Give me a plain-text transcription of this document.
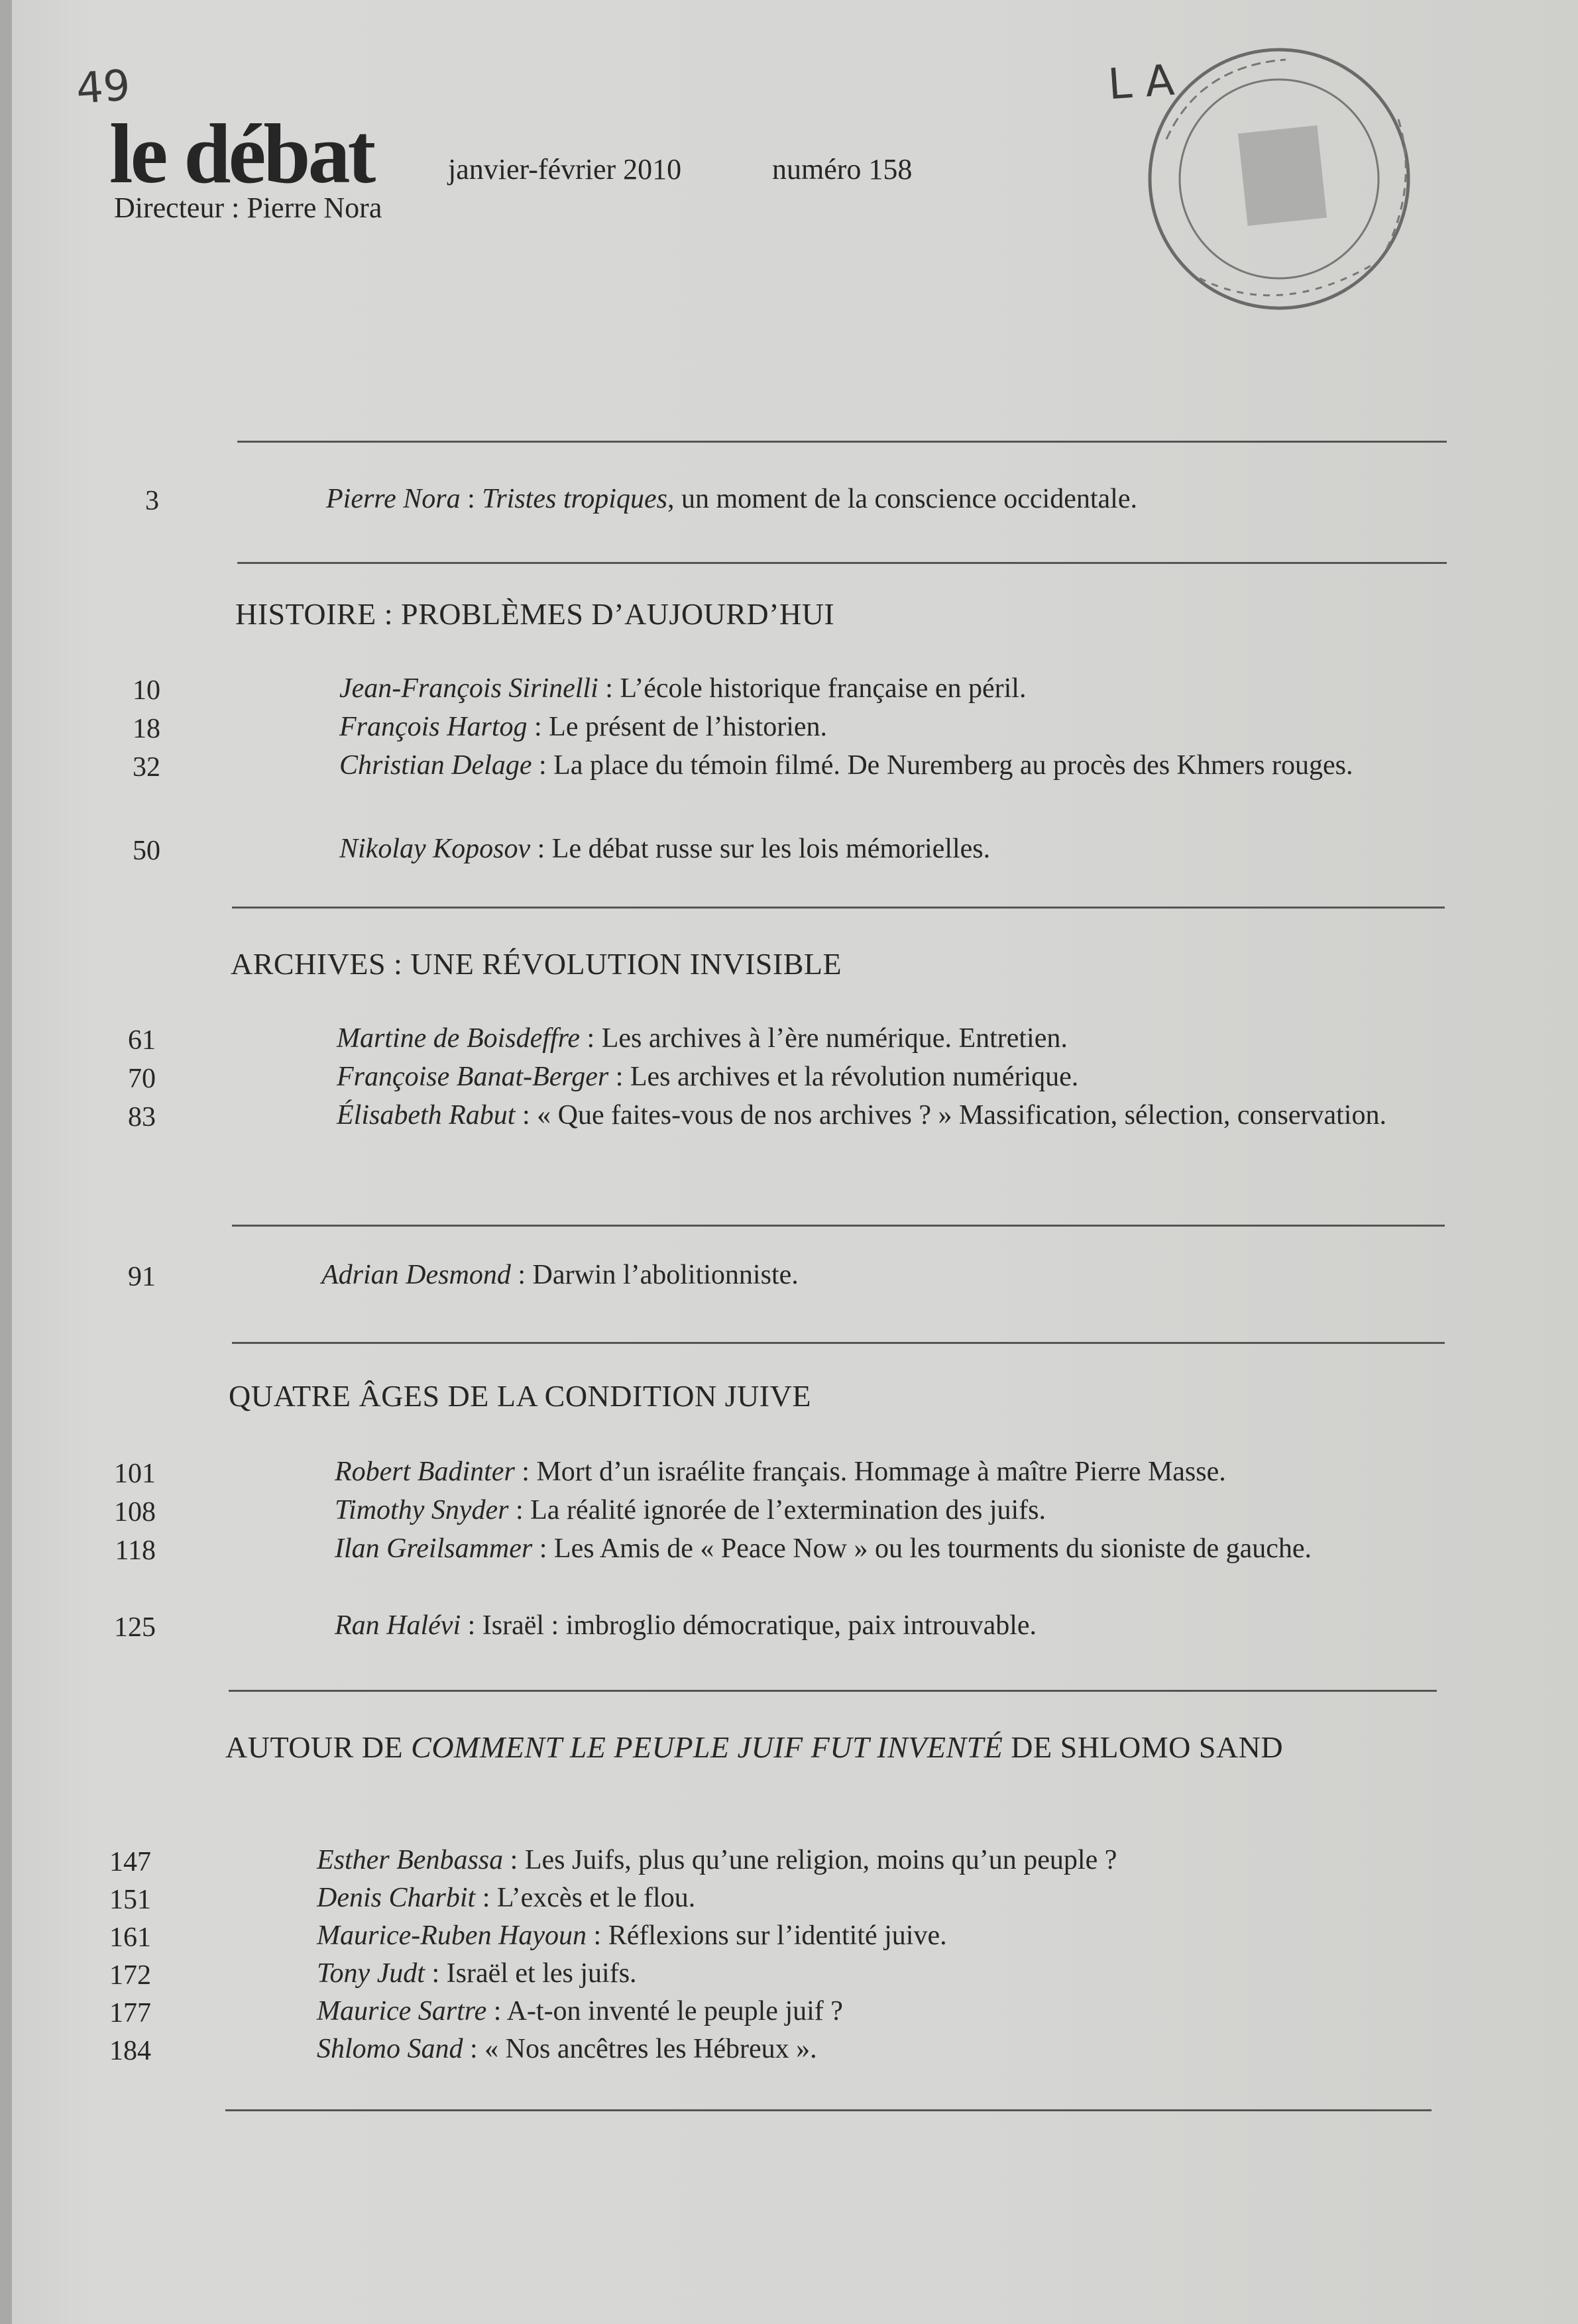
49	L A
le débat	janvier-février 2010	numéro 158
Directeur : Pierre Nora
3	Pierre Nora : Tristes tropiques, un moment de la conscience occidentale.
HISTOIRE : PROBLÈMES D’AUJOURD’HUI
10	Jean-François Sirinelli : L’école historique française en péril.
18	François Hartog : Le présent de l’historien.
32	Christian Delage : La place du témoin filmé. De Nuremberg au procès des Khmers rouges.
50	Nikolay Koposov : Le débat russe sur les lois mémorielles.
ARCHIVES : UNE RÉVOLUTION INVISIBLE
61	Martine de Boisdeffre : Les archives à l’ère numérique. Entretien.
70	Françoise Banat-Berger : Les archives et la révolution numérique.
83	Élisabeth Rabut : « Que faites-vous de nos archives ? » Massification, sélection, conservation.
91	Adrian Desmond : Darwin l’abolitionniste.
QUATRE ÂGES DE LA CONDITION JUIVE
101	Robert Badinter : Mort d’un israélite français. Hommage à maître Pierre Masse.
108	Timothy Snyder : La réalité ignorée de l’extermination des juifs.
118	Ilan Greilsammer : Les Amis de « Peace Now » ou les tourments du sioniste de gauche.
125	Ran Halévi : Israël : imbroglio démocratique, paix introuvable.
AUTOUR DE COMMENT LE PEUPLE JUIF FUT INVENTÉ DE SHLOMO SAND
147	Esther Benbassa : Les Juifs, plus qu’une religion, moins qu’un peuple ?
151	Denis Charbit : L’excès et le flou.
161	Maurice-Ruben Hayoun : Réflexions sur l’identité juive.
172	Tony Judt : Israël et les juifs.
177	Maurice Sartre : A-t-on inventé le peuple juif ?
184	Shlomo Sand : « Nos ancêtres les Hébreux ».
